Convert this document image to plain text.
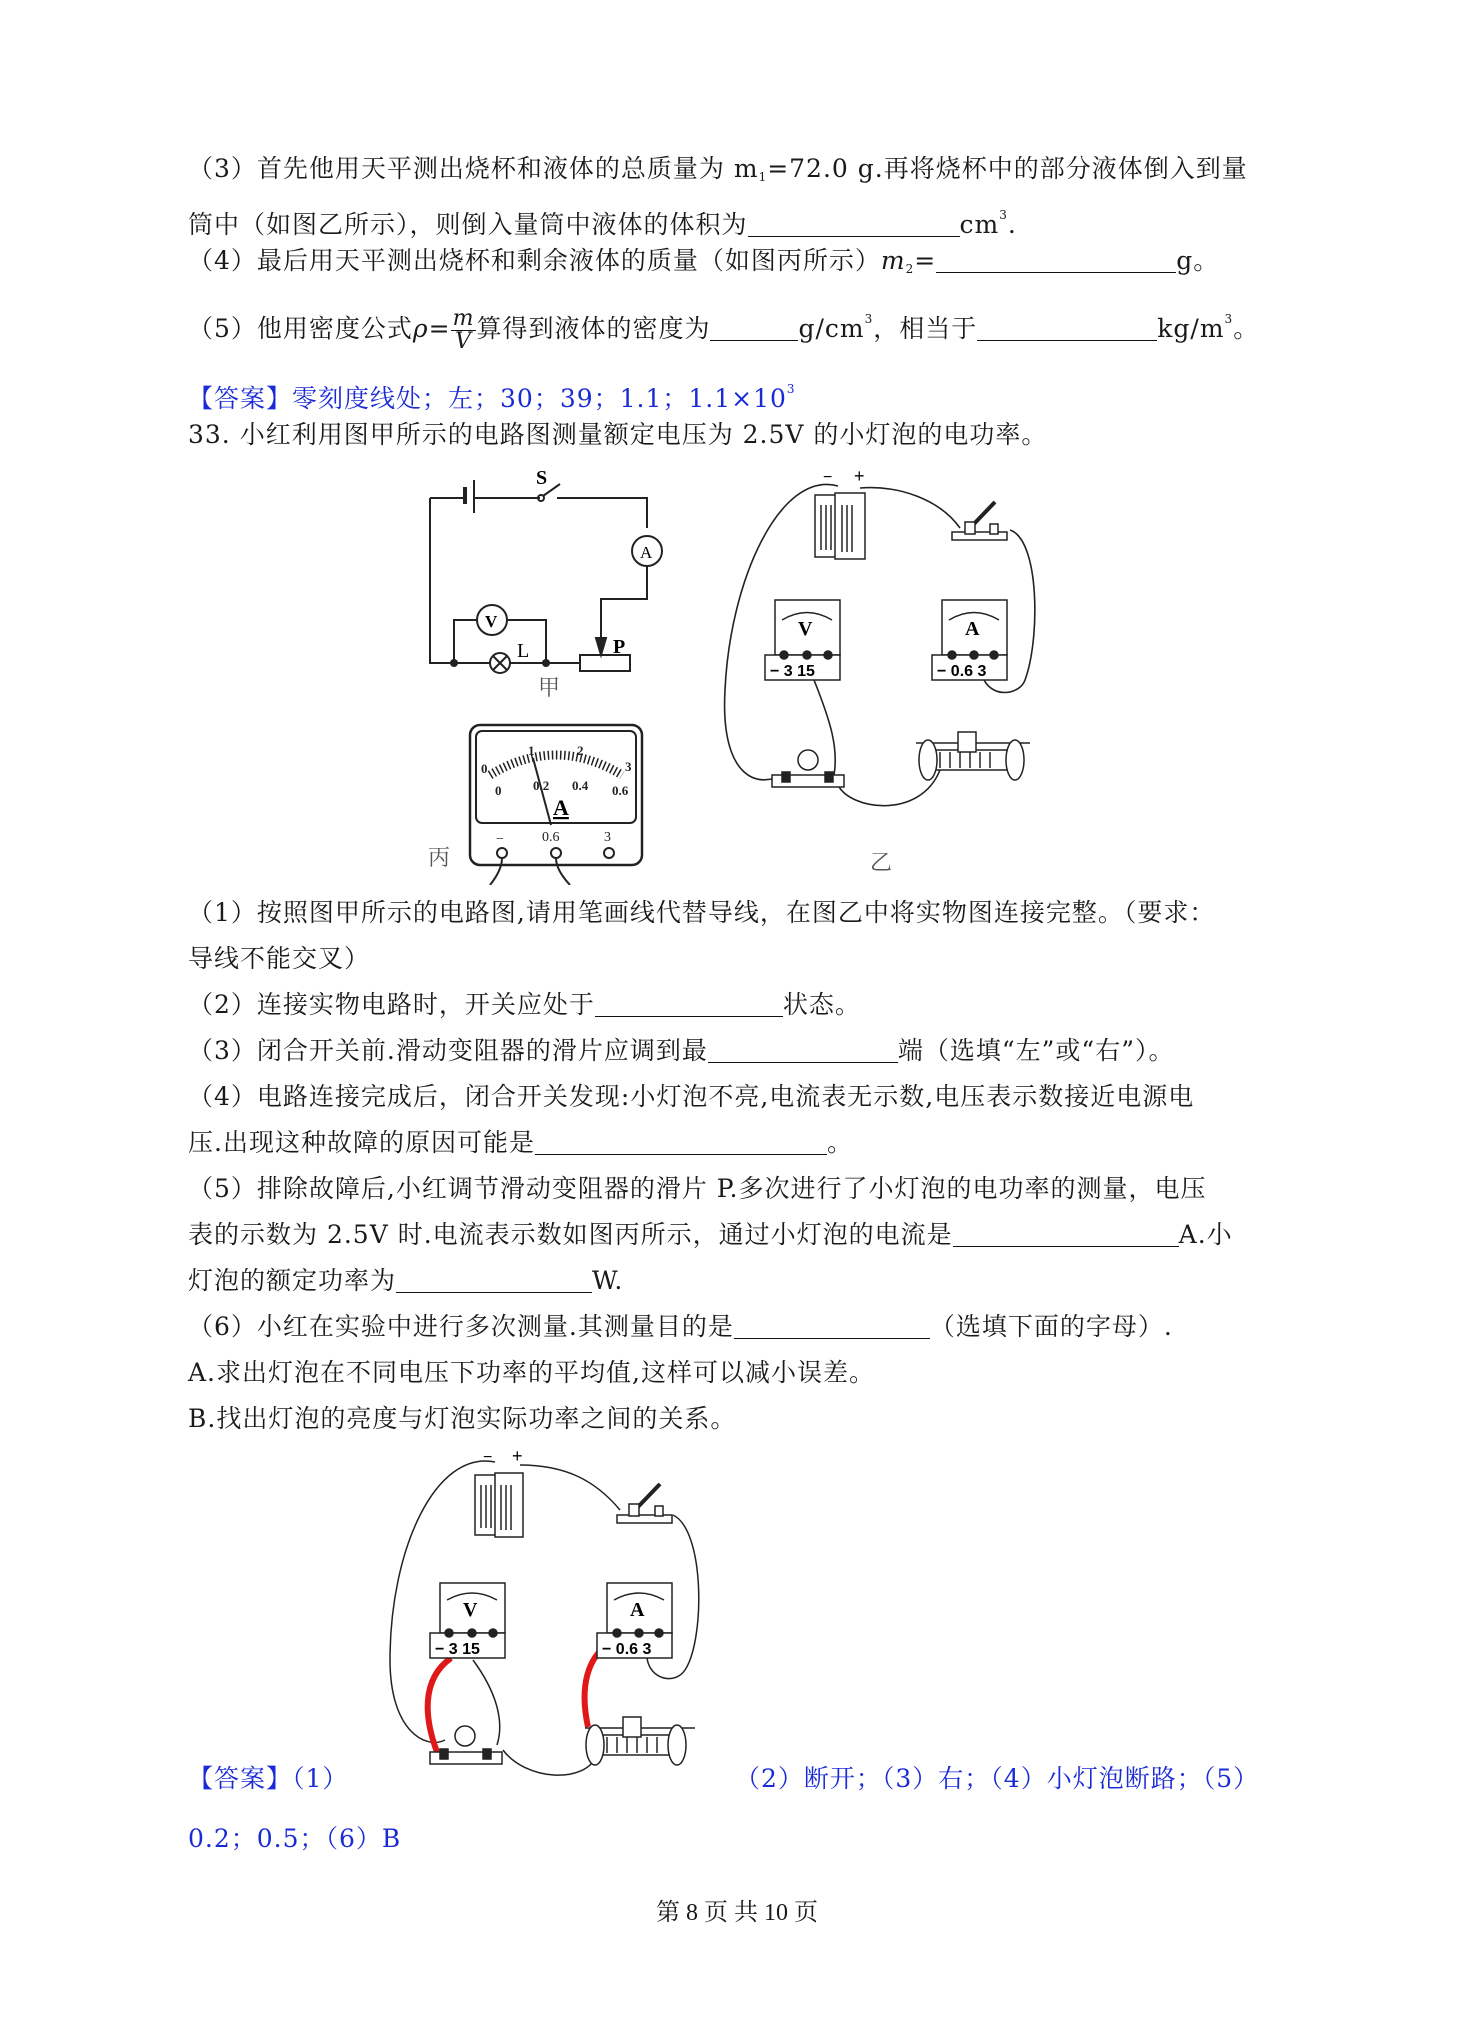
（3）首先他用天平测出烧杯和液体的总质量为 $m_1=72.0$ g.再将烧杯中的部分液体倒入到量
筒中（如图乙所示），则倒入量筒中液体的体积为	$cm^3$.
（4）最后用天平测出烧杯和剩余液体的质量（如图丙所示）$m_2=$	g。
（5）他用密度公式$\rho= \frac{m}{V}$ 算得到液体的密度为	$g/cm^3$，相当于	$kg/m^3$。
【答案】零刻度线处；左；30；39；1.1；$1.1\times 10^3$
33. 小红利用图甲所示的电路图测量额定电压为 2.5V 的小灯泡的电功率。
S
A
V
L	P
甲
0
1	2
3
0 0.2 0.4 0.6
A
−	0.6	3
丙
− +
V
− 3 15
A
− 0.6 3
乙
（1）按照图甲所示的电路图,请用笔画线代替导线，在图乙中将实物图连接完整。（要求：
导线不能交叉）
（2）连接实物电路时，开关应处于	状态。
（3）闭合开关前.滑动变阻器的滑片应调到最	端（选填“左”或“右”）。
（4）电路连接完成后，闭合开关发现:小灯泡不亮,电流表无示数,电压表示数接近电源电
压.出现这种故障的原因可能是	。
（5）排除故障后,小红调节滑动变阻器的滑片 P.多次进行了小灯泡的电功率的测量，电压
表的示数为 2.5V 时.电流表示数如图丙所示，通过小灯泡的电流是	A.小
灯泡的额定功率为	W.
（6）小红在实验中进行多次测量.其测量目的是	（选填下面的字母）.
A.求出灯泡在不同电压下功率的平均值,这样可以减小误差。
B.找出灯泡的亮度与灯泡实际功率之间的关系。
− +
V
− 3 15
A
− 0.6 3
【答案】（1）	（2）断开；（3）右；（4）小灯泡断路；（5）
0.2；0.5；（6）B
第 8 页 共 10 页
